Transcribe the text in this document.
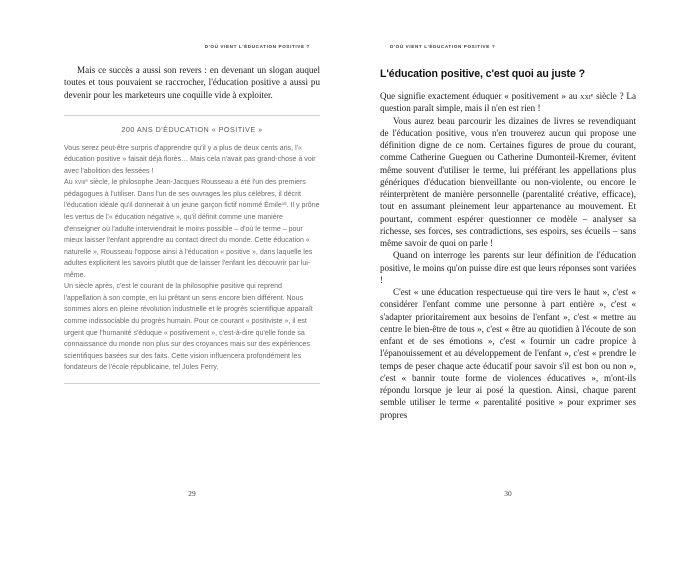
D'OÙ VIENT L'ÉDUCATION POSITIVE ?

Mais ce succès a aussi son revers : en devenant un slogan auquel toutes et tous pouvaient se raccrocher, l'éducation positive a aussi pu devenir pour les marketeurs une coquille vide à exploiter.

200 ANS D'ÉDUCATION « POSITIVE »

Vous serez peut-être surpris d'apprendre qu'il y a plus de deux cents ans, l'« éducation positive » faisait déjà florès… Mais cela n'avait pas grand-chose à voir avec l'abolition des fessées !

Au xviii$^e$ siècle, le philosophe Jean-Jacques Rousseau a été l'un des premiers pédagogues à l'utiliser. Dans l'un de ses ouvrages les plus célèbres, il décrit l'éducation idéale qu'il donnerait à un jeune garçon fictif nommé Émile$^{15}$. Il y prône les vertus de l'« éducation négative », qu'il définit comme une manière d'enseigner où l'adulte interviendrait le moins possible – d'où le terme – pour mieux laisser l'enfant apprendre au contact direct du monde. Cette éducation « naturelle », Rousseau l'oppose ainsi à l'éducation « positive », dans laquelle les adultes explicitent les savoirs plutôt que de laisser l'enfant les découvrir par lui-même.

Un siècle après, c'est le courant de la philosophie positive qui reprend l'appellation à son compte, en lui prêtant un sens encore bien différent. Nous sommes alors en pleine révolution industrielle et le progrès scientifique apparaît comme indissociable du progrès humain. Pour ce courant « positiviste », il est urgent que l'humanité s'éduque « positivement », c'est-à-dire qu'elle fonde sa connaissance du monde non plus sur des croyances mais sur des expériences scientifiques basées sur des faits. Cette vision influencera profondément les fondateurs de l'école républicaine, tel Jules Ferry.

29
D'OÙ VIENT L'ÉDUCATION POSITIVE ?
L'éducation positive, c'est quoi au juste ?

Que signifie exactement éduquer « positivement » au xxi$^e$ siècle ? La question paraît simple, mais il n'en est rien !

Vous aurez beau parcourir les dizaines de livres se revendiquant de l'éducation positive, vous n'en trouverez aucun qui propose une définition digne de ce nom. Certaines figures de proue du courant, comme Catherine Gueguen ou Catherine Dumonteil-Kremer, évitent même souvent d'utiliser le terme, lui préférant les appellations plus génériques d'éducation bienveillante ou non-violente, ou encore le réinterprètent de manière personnelle (parentalité créative, efficace), tout en assumant pleinement leur appartenance au mouvement. Et pourtant, comment espérer questionner ce modèle – analyser sa richesse, ses forces, ses contradictions, ses espoirs, ses écueils – sans même savoir de quoi on parle !

Quand on interroge les parents sur leur définition de l'éducation positive, le moins qu'on puisse dire est que leurs réponses sont variées !

C'est « une éducation respectueuse qui tire vers le haut », c'est « considérer l'enfant comme une personne à part entière », c'est « s'adapter prioritairement aux besoins de l'enfant », c'est « mettre au centre le bien-être de tous », c'est « être au quotidien à l'écoute de son enfant et de ses émotions », c'est « fournir un cadre propice à l'épanouissement et au développement de l'enfant », c'est « prendre le temps de peser chaque acte éducatif pour savoir s'il est bon ou non », c'est « bannir toute forme de violences éducatives », m'ont-ils répondu lorsque je leur ai posé la question. Ainsi, chaque parent semble utiliser le terme « parentalité positive » pour exprimer ses propres

30
